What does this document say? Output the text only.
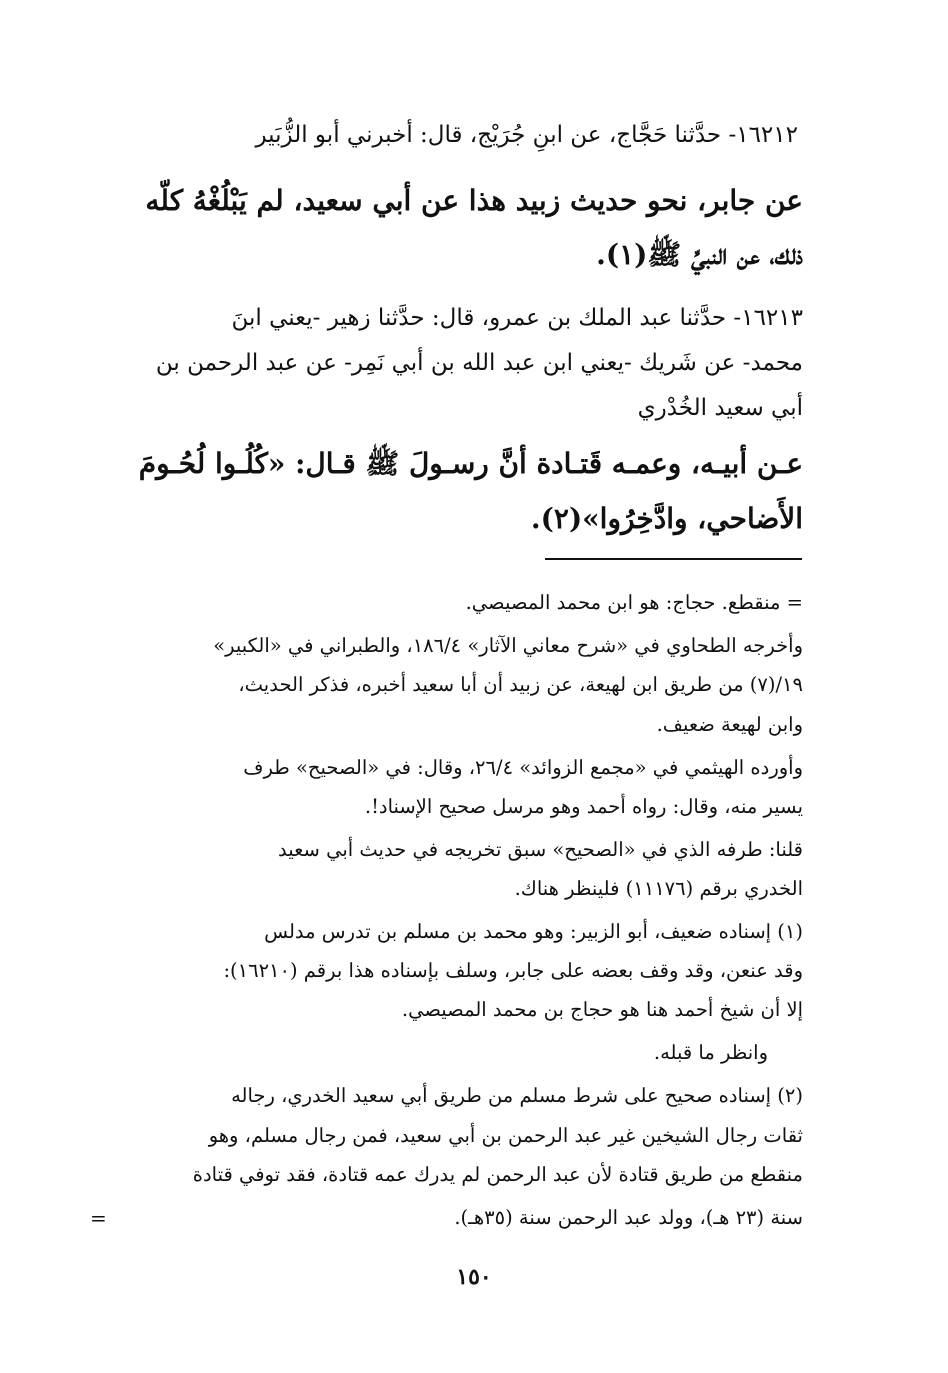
١٦٢١٢- حدَّثنا حَجَّاج، عن ابنِ جُرَيْج، قال: أخبرني أبو الزُّبَير
عن جابر، نحو حديث زبيد هذا عن أبي سعيد، لم يَبْلُغْهُ كلّه
ذلك، عن النبيِّ ﷺ(١).
١٦٢١٣- حدَّثنا عبد الملك بن عمرو، قال: حدَّثنا زهير -يعني ابنَ
محمد- عن شَريك -يعني ابن عبد الله بن أبي نَمِر- عن عبد الرحمن بن
أبي سعيد الخُدْري
عـن أبيـه، وعمـه قَتـادة أنَّ رسـولَ ﷺ قـال: «كُلُـوا لُحُـومَ
الأَضاحي، وادَّخِرُوا»(٢).
= منقطع. حجاج: هو ابن محمد المصيصي.
وأخرجه الطحاوي في «شرح معاني الآثار» ١٨٦/٤، والطبراني في «الكبير»
١٩/(٧) من طريق ابن لهيعة، عن زبيد أن أبا سعيد أخبره، فذكر الحديث،
وابن لهيعة ضعيف.
وأورده الهيثمي في «مجمع الزوائد» ٢٦/٤، وقال: في «الصحيح» طرف
يسير منه، وقال: رواه أحمد وهو مرسل صحيح الإسناد!.
قلنا: طرفه الذي في «الصحيح» سبق تخريجه في حديث أبي سعيد
الخدري برقم (١١١٧٦) فلينظر هناك.
(١) إسناده ضعيف، أبو الزبير: وهو محمد بن مسلم بن تدرس مدلس
وقد عنعن، وقد وقف بعضه على جابر، وسلف بإسناده هذا برقم (١٦٢١٠):
إلا أن شيخ أحمد هنا هو حجاج بن محمد المصيصي.
وانظر ما قبله.
(٢) إسناده صحيح على شرط مسلم من طريق أبي سعيد الخدري، رجاله
ثقات رجال الشيخين غير عبد الرحمن بن أبي سعيد، فمن رجال مسلم، وهو
منقطع من طريق قتادة لأن عبد الرحمن لم يدرك عمه قتادة، فقد توفي قتادة
سنة (٢٣ هـ)، وولد عبد الرحمن سنة (٣٥هـ).
=
١٥٠
